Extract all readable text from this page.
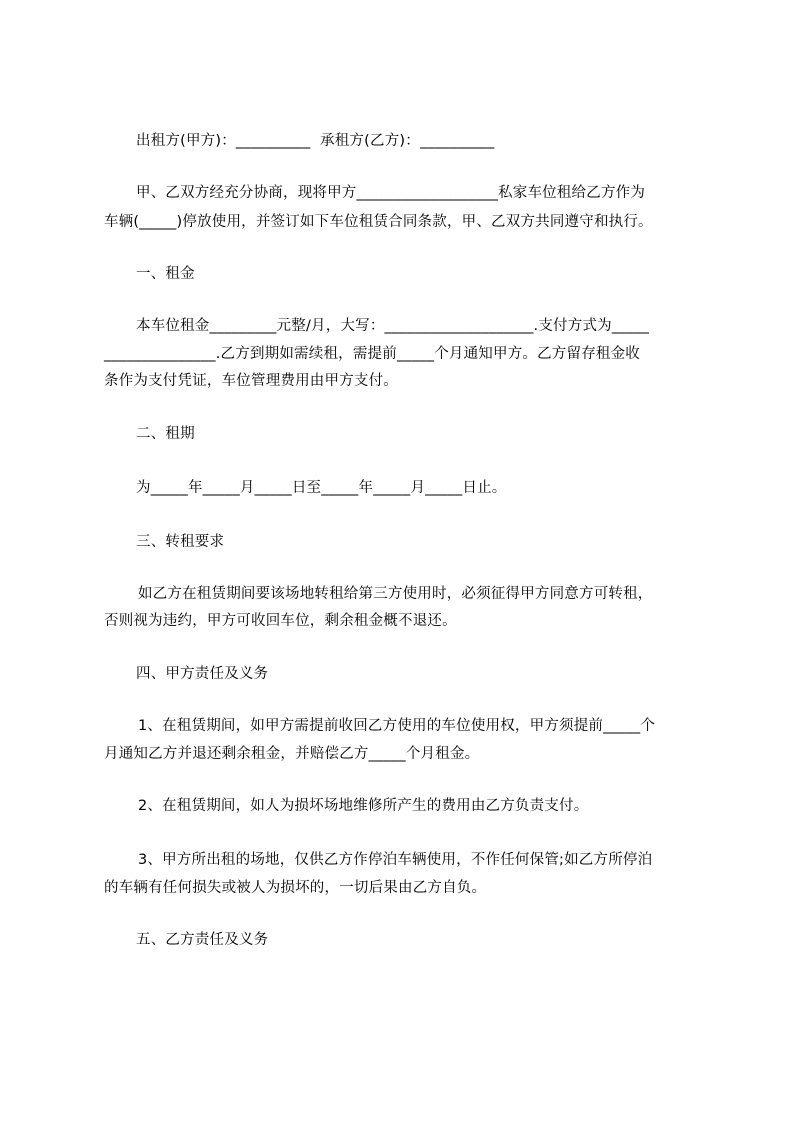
出租方(甲方)：__________  承租方(乙方)：__________
甲、乙双方经充分协商，现将甲方___________________私家车位租给乙方作为
车辆(_____)停放使用，并签订如下车位租赁合同条款，甲、乙双方共同遵守和执行。
一、租金
本车位租金_________元整/月，大写：____________________.支付方式为_____
_______________.乙方到期如需续租，需提前_____个月通知甲方。乙方留存租金收
条作为支付凭证，车位管理费用由甲方支付。
二、租期
为_____年_____月_____日至_____年_____月_____日止。
三、转租要求
如乙方在租赁期间要该场地转租给第三方使用时，必须征得甲方同意方可转租，
否则视为违约，甲方可收回车位，剩余租金概不退还。
四、甲方责任及义务
1、在租赁期间，如甲方需提前收回乙方使用的车位使用权，甲方须提前_____个
月通知乙方并退还剩余租金，并赔偿乙方_____个月租金。
2、在租赁期间，如人为损坏场地维修所产生的费用由乙方负责支付。
3、甲方所出租的场地，仅供乙方作停泊车辆使用，不作任何保管;如乙方所停泊
的车辆有任何损失或被人为损坏的，一切后果由乙方自负。
五、乙方责任及义务
